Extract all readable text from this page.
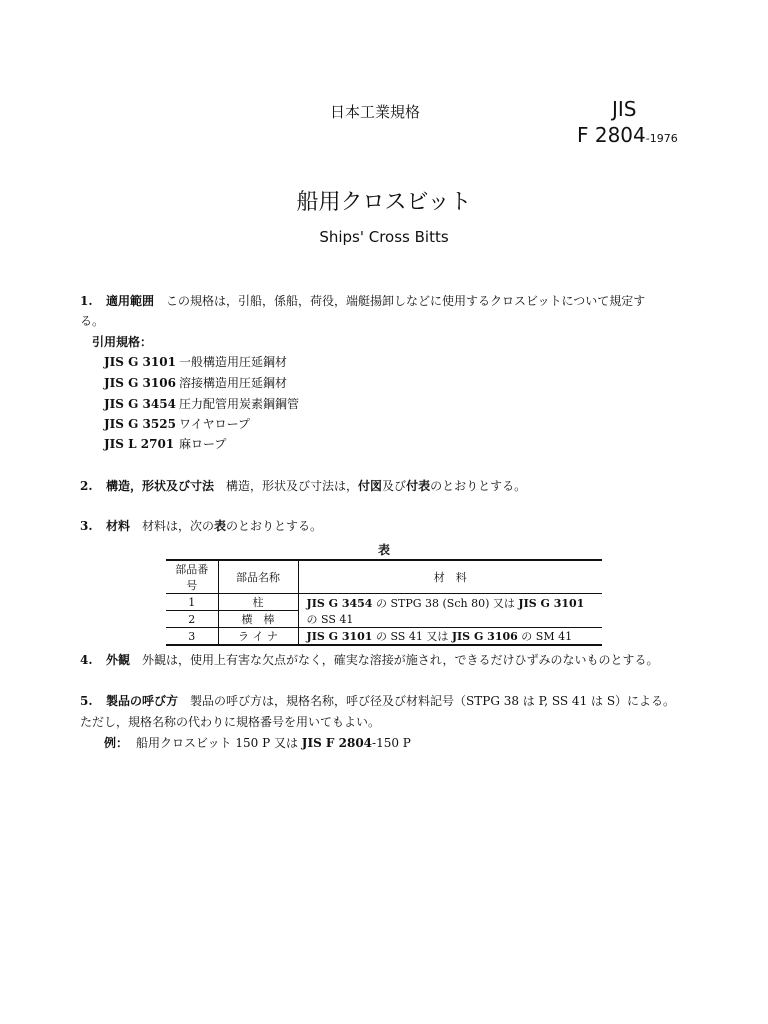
日本工業規格	JIS
F 2804-1976
船用クロスビット
Ships' Cross Bitts
1. 適用範囲 この規格は，引船，係船，荷役，端艇揚卸しなどに使用するクロスビットについて規定す
る。
引用規格：
JIS G 3101 一般構造用圧延鋼材
JIS G 3106 溶接構造用圧延鋼材
JIS G 3454 圧力配管用炭素鋼鋼管
JIS G 3525 ワイヤロープ
JIS L 2701 麻ロープ
2. 構造，形状及び寸法 構造，形状及び寸法は，付図及び付表のとおりとする。
3. 材料 材料は，次の表のとおりとする。
表
部品番号	部品名称	材　料
1	柱	JIS G 3454 の STPG 38 (Sch 80) 又は JIS G 3101 の SS 41
2	横　棒	
3	ラ イ ナ	JIS G 3101 の SS 41 又は JIS G 3106 の SM 41
4. 外観 外観は，使用上有害な欠点がなく，確実な溶接が施され，できるだけひずみのないものとする。
5. 製品の呼び方 製品の呼び方は，規格名称，呼び径及び材料記号（STPG 38 は P, SS 41 は S）による。
ただし，規格名称の代わりに規格番号を用いてもよい。
例： 船用クロスビット 150 P 又は JIS F 2804-150 P
